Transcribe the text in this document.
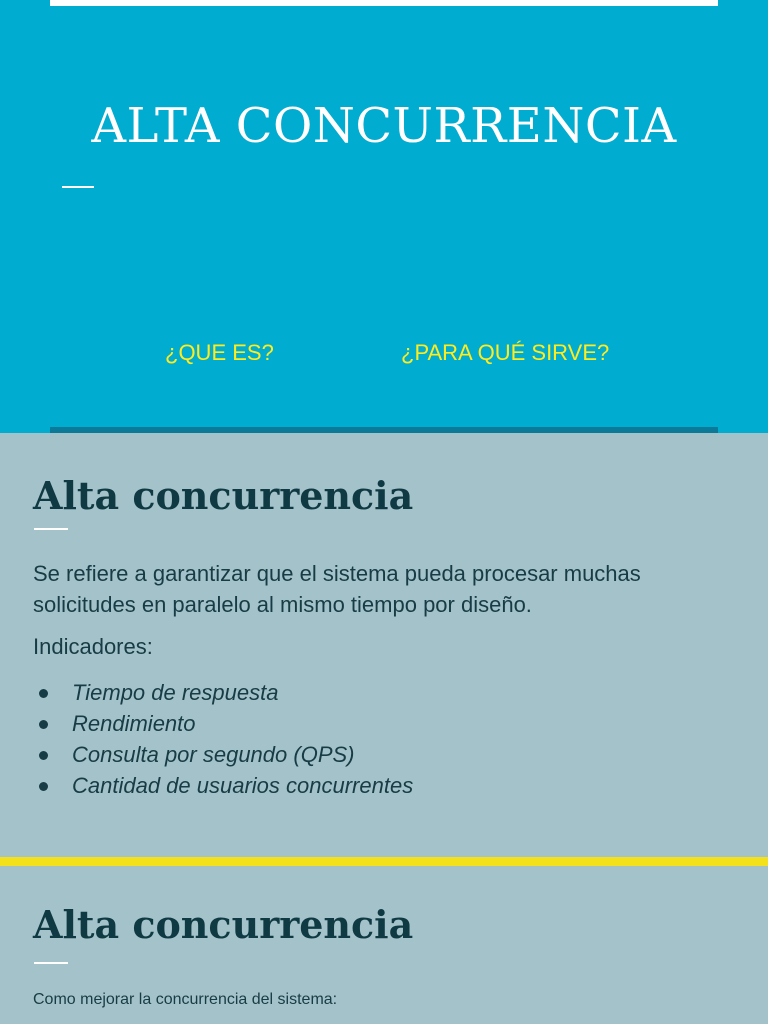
ALTA CONCURRENCIA
¿QUE ES?	¿PARA QUÉ SIRVE?
Alta concurrencia

Se refiere a garantizar que el sistema pueda procesar muchas solicitudes en paralelo al mismo tiempo por diseño.

Indicadores:

Tiempo de respuesta
Rendimiento
Consulta por segundo (QPS)
Cantidad de usuarios concurrentes
Alta concurrencia

Como mejorar la concurrencia del sistema:
